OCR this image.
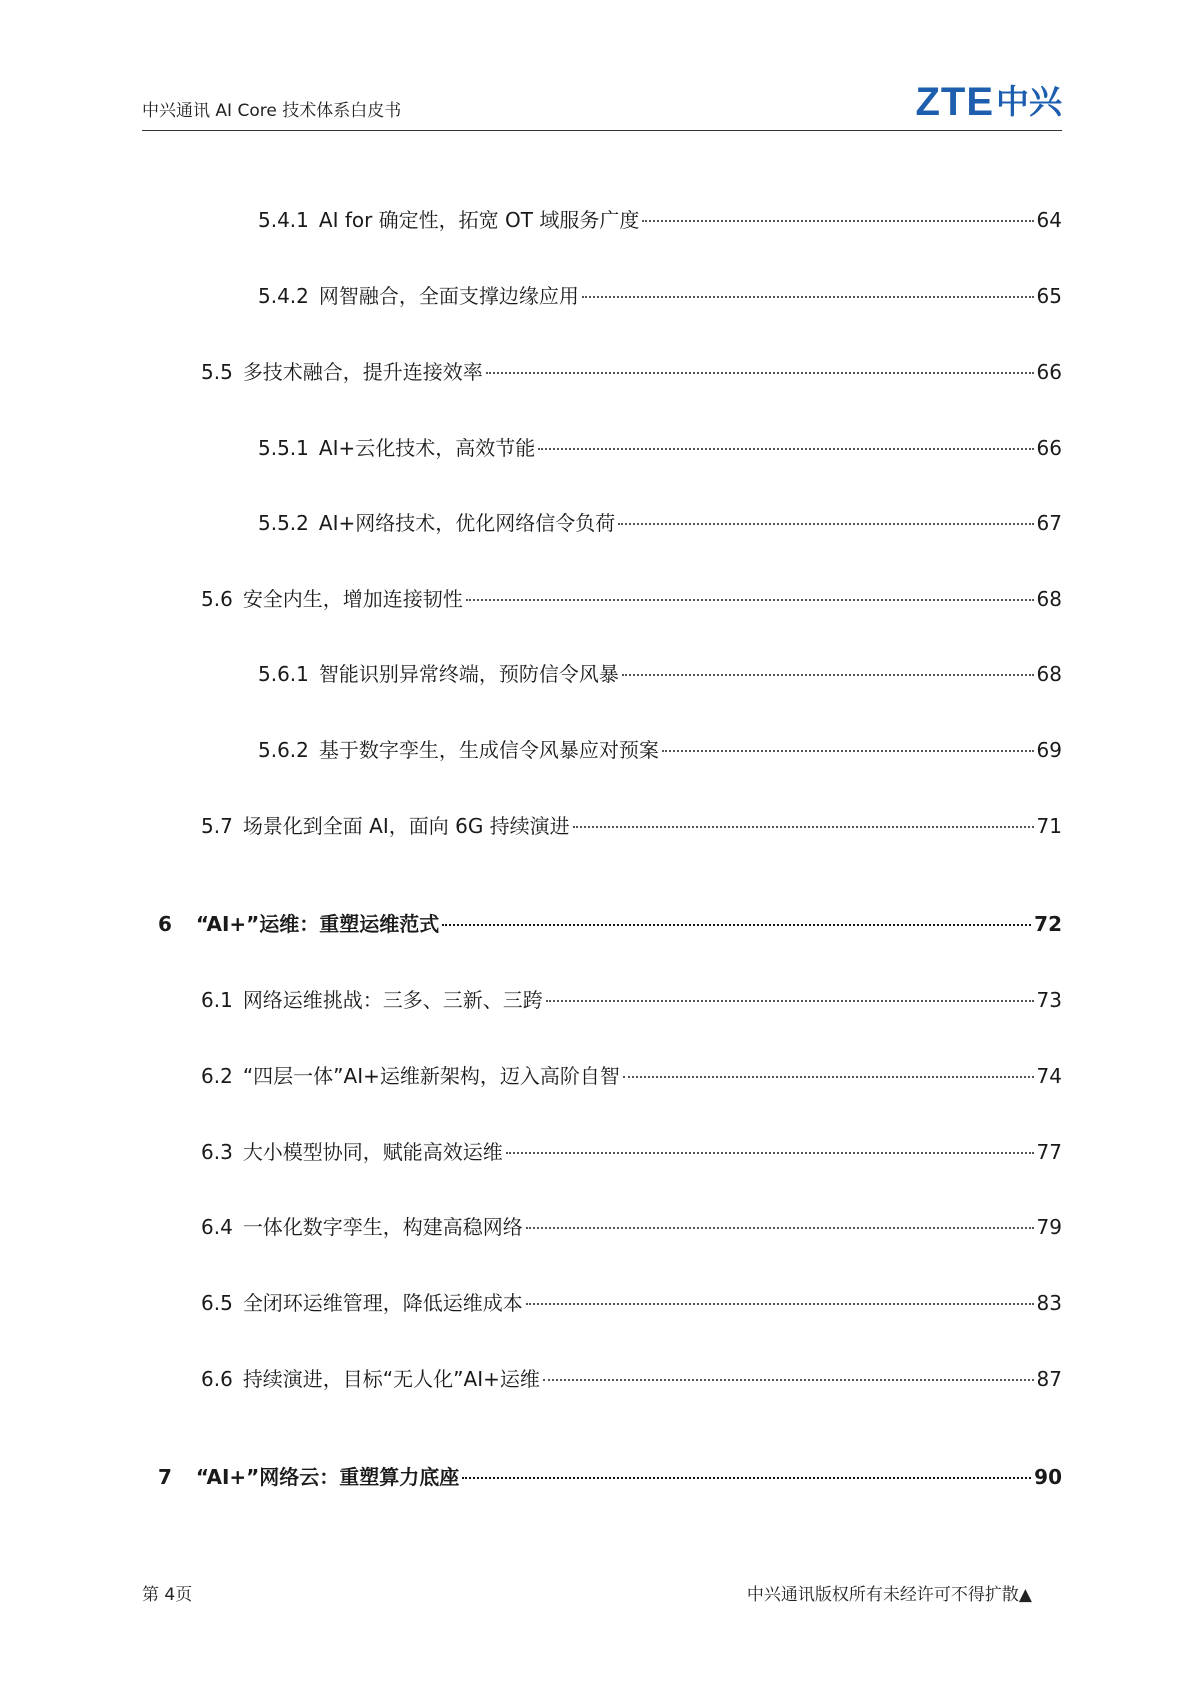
中兴通讯 AI Core 技术体系白皮书	ZTE 中兴
5.4.1 AI for 确定性，拓宽 OT 域服务广度	64
5.4.2 网智融合，全面支撑边缘应用	65
5.5 多技术融合，提升连接效率	66
5.5.1 AI+云化技术，高效节能	66
5.5.2 AI+网络技术，优化网络信令负荷	67
5.6 安全内生，增加连接韧性	68
5.6.1 智能识别异常终端，预防信令风暴	68
5.6.2 基于数字孪生，生成信令风暴应对预案	69
5.7 场景化到全面 AI，面向 6G 持续演进	71
6	“AI+”运维：重塑运维范式	72
6.1 网络运维挑战：三多、三新、三跨	73
6.2 “四层一体”AI+运维新架构，迈入高阶自智	74
6.3 大小模型协同，赋能高效运维	77
6.4 一体化数字孪生，构建高稳网络	79
6.5 全闭环运维管理，降低运维成本	83
6.6 持续演进，目标“无人化”AI+运维	87
7	“AI+”网络云：重塑算力底座	90
第 4页	中兴通讯版权所有未经许可不得扩散▲
